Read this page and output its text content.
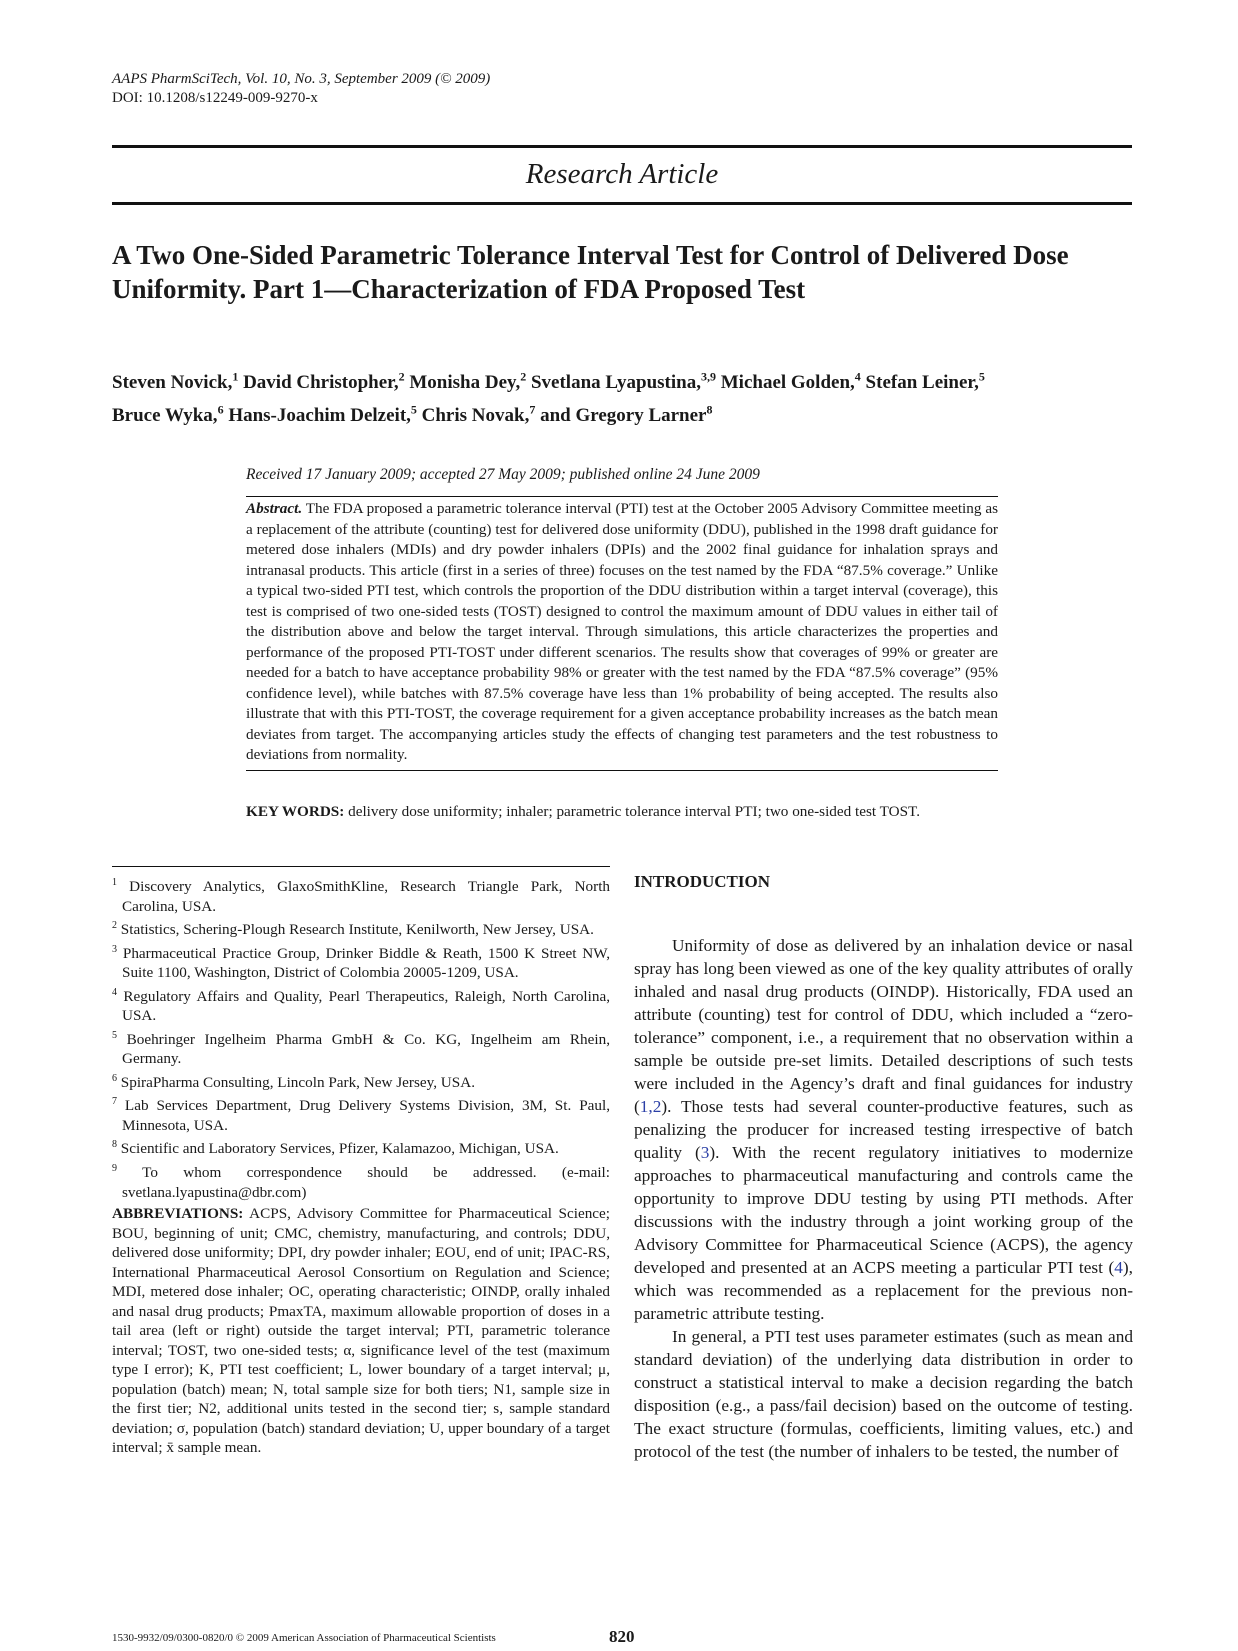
AAPS PharmSciTech, Vol. 10, No. 3, September 2009 (© 2009)
DOI: 10.1208/s12249-009-9270-x
Research Article
A Two One-Sided Parametric Tolerance Interval Test for Control of Delivered Dose Uniformity. Part 1—Characterization of FDA Proposed Test
Steven Novick,$^1$ David Christopher,$^2$ Monisha Dey,$^2$ Svetlana Lyapustina,$^{3,9}$ Michael Golden,$^4$ Stefan Leiner,$^5$
Bruce Wyka,$^6$ Hans-Joachim Delzeit,$^5$ Chris Novak,$^7$ and Gregory Larner$^8$
Received 17 January 2009; accepted 27 May 2009; published online 24 June 2009
Abstract. The FDA proposed a parametric tolerance interval (PTI) test at the October 2005 Advisory Committee meeting as a replacement of the attribute (counting) test for delivered dose uniformity (DDU), published in the 1998 draft guidance for metered dose inhalers (MDIs) and dry powder inhalers (DPIs) and the 2002 final guidance for inhalation sprays and intranasal products. This article (first in a series of three) focuses on the test named by the FDA “87.5% coverage.” Unlike a typical two-sided PTI test, which controls the proportion of the DDU distribution within a target interval (coverage), this test is comprised of two one-sided tests (TOST) designed to control the maximum amount of DDU values in either tail of the distribution above and below the target interval. Through simulations, this article characterizes the properties and performance of the proposed PTI-TOST under different scenarios. The results show that coverages of 99% or greater are needed for a batch to have acceptance probability 98% or greater with the test named by the FDA “87.5% coverage” (95% confidence level), while batches with 87.5% coverage have less than 1% probability of being accepted. The results also illustrate that with this PTI-TOST, the coverage requirement for a given acceptance probability increases as the batch mean deviates from target. The accompanying articles study the effects of changing test parameters and the test robustness to deviations from normality.
KEY WORDS: delivery dose uniformity; inhaler; parametric tolerance interval PTI; two one-sided test TOST.
$^1$ Discovery Analytics, GlaxoSmithKline, Research Triangle Park, North Carolina, USA.
$^2$ Statistics, Schering-Plough Research Institute, Kenilworth, New Jersey, USA.
$^3$ Pharmaceutical Practice Group, Drinker Biddle & Reath, 1500 K Street NW, Suite 1100, Washington, District of Colombia 20005-1209, USA.
$^4$ Regulatory Affairs and Quality, Pearl Therapeutics, Raleigh, North Carolina, USA.
$^5$ Boehringer Ingelheim Pharma GmbH & Co. KG, Ingelheim am Rhein, Germany.
$^6$ SpiraPharma Consulting, Lincoln Park, New Jersey, USA.
$^7$ Lab Services Department, Drug Delivery Systems Division, 3M, St. Paul, Minnesota, USA.
$^8$ Scientific and Laboratory Services, Pfizer, Kalamazoo, Michigan, USA.
$^9$ To whom correspondence should be addressed. (e-mail: svetlana.lyapustina@dbr.com)
ABBREVIATIONS: ACPS, Advisory Committee for Pharmaceutical Science; BOU, beginning of unit; CMC, chemistry, manufacturing, and controls; DDU, delivered dose uniformity; DPI, dry powder inhaler; EOU, end of unit; IPAC-RS, International Pharmaceutical Aerosol Consortium on Regulation and Science; MDI, metered dose inhaler; OC, operating characteristic; OINDP, orally inhaled and nasal drug products; PmaxTA, maximum allowable proportion of doses in a tail area (left or right) outside the target interval; PTI, parametric tolerance interval; TOST, two one-sided tests; α, significance level of the test (maximum type I error); K, PTI test coefficient; L, lower boundary of a target interval; μ, population (batch) mean; N, total sample size for both tiers; N1, sample size in the first tier; N2, additional units tested in the second tier; s, sample standard deviation; σ, population (batch) standard deviation; U, upper boundary of a target interval; x̄ sample mean.
INTRODUCTION

Uniformity of dose as delivered by an inhalation device or nasal spray has long been viewed as one of the key quality attributes of orally inhaled and nasal drug products (OINDP). Historically, FDA used an attribute (counting) test for control of DDU, which included a “zero-tolerance” component, i.e., a requirement that no observation within a sample be outside pre-set limits. Detailed descriptions of such tests were included in the Agency’s draft and final guidances for industry (1,2). Those tests had several counter-productive features, such as penalizing the producer for increased testing irrespective of batch quality (3). With the recent regulatory initiatives to modernize approaches to pharmaceutical manufacturing and controls came the opportunity to improve DDU testing by using PTI methods. After discussions with the industry through a joint working group of the Advisory Committee for Pharmaceutical Science (ACPS), the agency developed and presented at an ACPS meeting a particular PTI test (4), which was recommended as a replacement for the previous non-parametric attribute testing.

In general, a PTI test uses parameter estimates (such as mean and standard deviation) of the underlying data distribution in order to construct a statistical interval to make a decision regarding the batch disposition (e.g., a pass/fail decision) based on the outcome of testing. The exact structure (formulas, coefficients, limiting values, etc.) and protocol of the test (the number of inhalers to be tested, the number of

1530-9932/09/0300-0820/0 © 2009 American Association of Pharmaceutical Scientists	820
